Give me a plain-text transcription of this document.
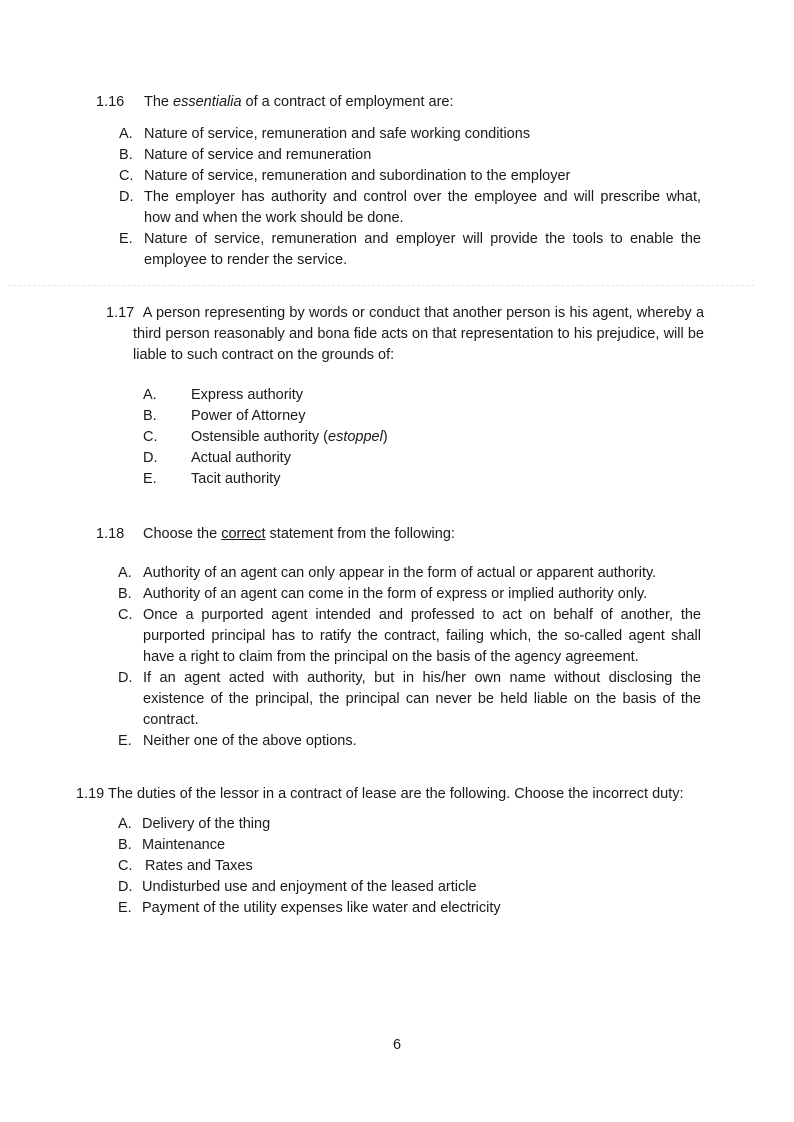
1.16 The essentialia of a contract of employment are:
A. Nature of service, remuneration and safe working conditions
B. Nature of service and remuneration
C. Nature of service, remuneration and subordination to the employer
D. The employer has authority and control over the employee and will prescribe what, how and when the work should be done.
E. Nature of service, remuneration and employer will provide the tools to enable the employee to render the service.
1.17 A person representing by words or conduct that another person is his agent, whereby a third person reasonably and bona fide acts on that representation to his prejudice, will be liable to such contract on the grounds of:
A. Express authority
B. Power of Attorney
C. Ostensible authority (estoppel)
D. Actual authority
E. Tacit authority
1.18 Choose the correct statement from the following:
A. Authority of an agent can only appear in the form of actual or apparent authority.
B. Authority of an agent can come in the form of express or implied authority only.
C. Once a purported agent intended and professed to act on behalf of another, the purported principal has to ratify the contract, failing which, the so-called agent shall have a right to claim from the principal on the basis of the agency agreement.
D. If an agent acted with authority, but in his/her own name without disclosing the existence of the principal, the principal can never be held liable on the basis of the contract.
E. Neither one of the above options.
1.19 The duties of the lessor in a contract of lease are the following. Choose the incorrect duty:
A. Delivery of the thing
B. Maintenance
C. Rates and Taxes
D. Undisturbed use and enjoyment of the leased article
E. Payment of the utility expenses like water and electricity
6
